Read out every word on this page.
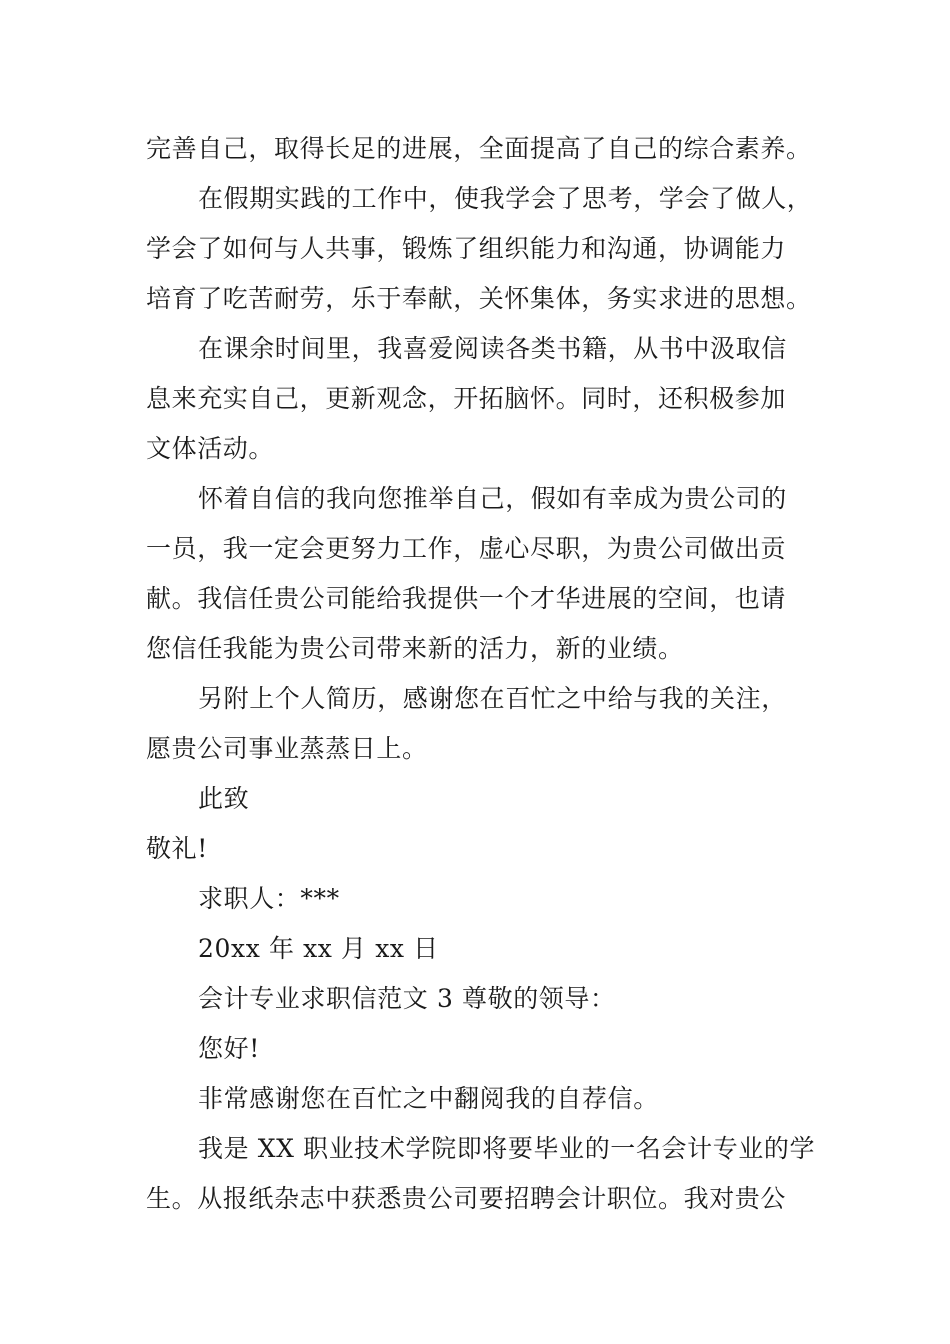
完善自己，取得长足的进展，全面提高了自己的综合素养。
在假期实践的工作中，使我学会了思考，学会了做人，
学会了如何与人共事，锻炼了组织能力和沟通，协调能力
培育了吃苦耐劳，乐于奉献，关怀集体，务实求进的思想。
在课余时间里，我喜爱阅读各类书籍，从书中汲取信
息来充实自己，更新观念，开拓脑怀。同时，还积极参加
文体活动。
怀着自信的我向您推举自己，假如有幸成为贵公司的
一员，我一定会更努力工作，虚心尽职，为贵公司做出贡
献。我信任贵公司能给我提供一个才华进展的空间，也请
您信任我能为贵公司带来新的活力，新的业绩。
另附上个人简历，感谢您在百忙之中给与我的关注，
愿贵公司事业蒸蒸日上。
此致
敬礼!
求职人：***
20xx 年 xx 月 xx 日
会计专业求职信范文 3 尊敬的领导：
您好!
非常感谢您在百忙之中翻阅我的自荐信。
我是 XX 职业技术学院即将要毕业的一名会计专业的学
生。从报纸杂志中获悉贵公司要招聘会计职位。我对贵公
